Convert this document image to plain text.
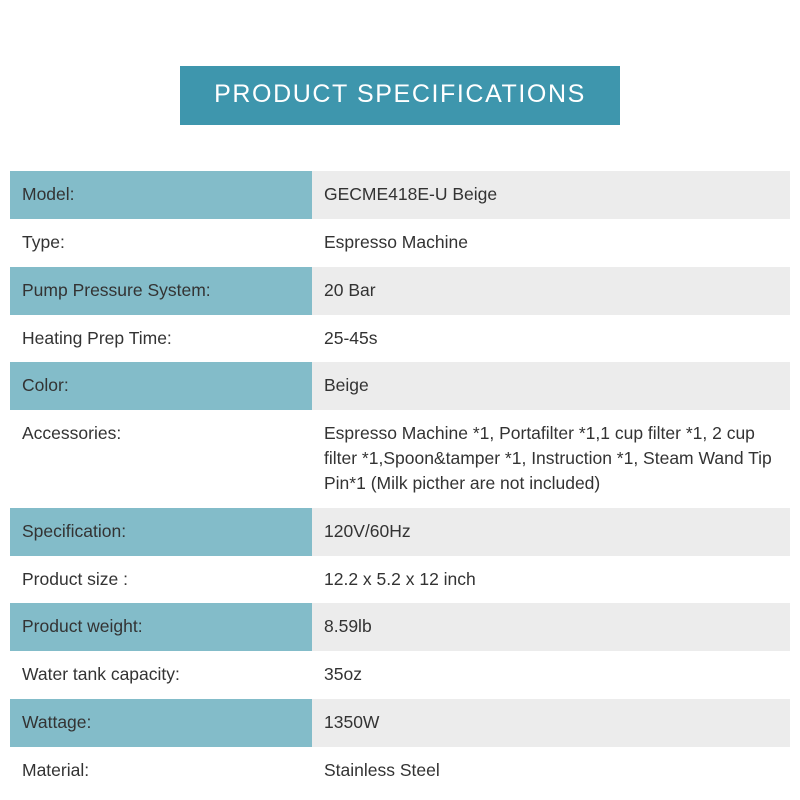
PRODUCT SPECIFICATIONS
Model:	GECME418E-U Beige
Type:	Espresso Machine
Pump Pressure System:	20 Bar
Heating Prep Time:	25-45s
Color:	Beige
Accessories:	Espresso Machine *1, Portafilter *1,1 cup filter *1, 2 cup filter *1,Spoon&tamper *1, Instruction *1, Steam Wand Tip Pin*1 (Milk picther are not included)
Specification:	120V/60Hz
Product size :	12.2 x 5.2 x 12 inch
Product weight:	8.59lb
Water tank capacity:	35oz
Wattage:	1350W
Material:	Stainless Steel
